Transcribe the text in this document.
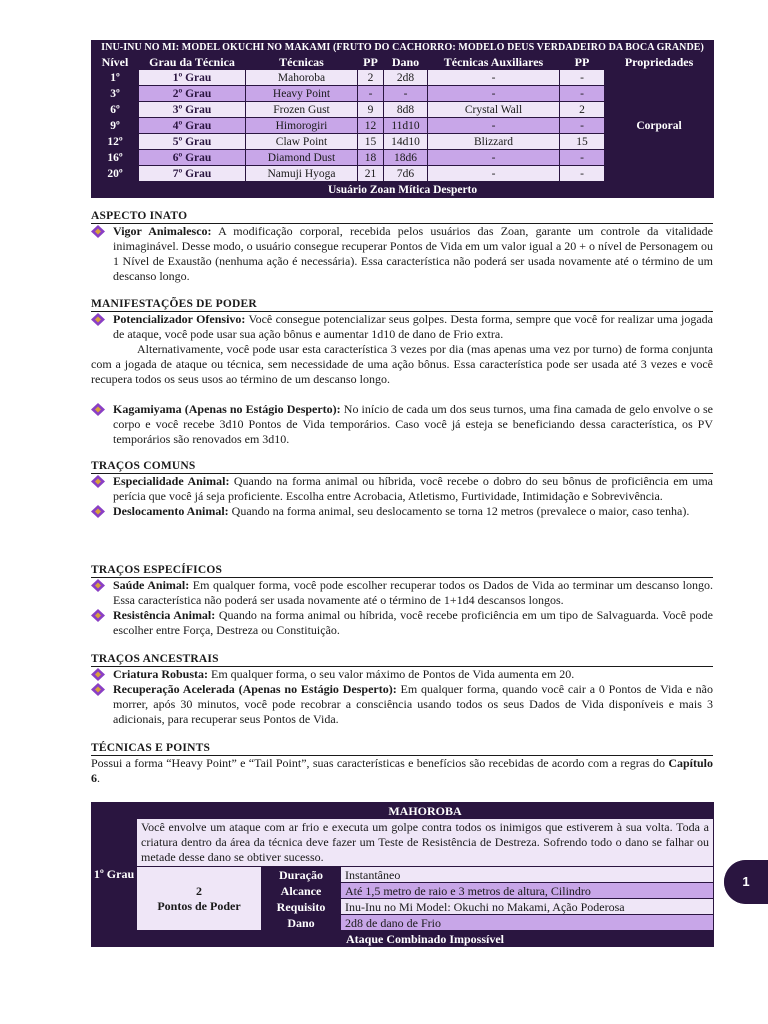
INU-INU NO MI: MODEL OKUCHI NO MAKAMI (FRUTO DO CACHORRO: MODELO DEUS VERDADEIRO DA BOCA GRANDE)							
Nível	Grau da Técnica	Técnicas	PP	Dano	Técnicas Auxiliares	PP	Propriedades
1º	1º Grau	Mahoroba	2	2d8	-	-	Corporal
3º	2º Grau	Heavy Point	-	-	-	-	
6º	3º Grau	Frozen Gust	9	8d8	Crystal Wall	2	
9º	4º Grau	Himorogiri	12	11d10	-	-	
12º	5º Grau	Claw Point	15	14d10	Blizzard	15	
16º	6º Grau	Diamond Dust	18	18d6	-	-	
20º	7º Grau	Namuji Hyoga	21	7d6	-	-	
Usuário Zoan Mítica Desperto							
ASPECTO INATO

Vigor Animalesco: A modificação corporal, recebida pelos usuários das Zoan, garante um controle da vitalidade inimaginável. Desse modo, o usuário consegue recuperar Pontos de Vida em um valor igual a 20 + o nível de Personagem ou 1 Nível de Exaustão (nenhuma ação é necessária). Essa característica não poderá ser usada novamente até o término de um descanso longo.

MANIFESTAÇÕES DE PODER
Potencializador Ofensivo: Você consegue potencializar seus golpes. Desta forma, sempre que você for realizar uma jogada de ataque, você pode usar sua ação bônus e aumentar 1d10 de dano de Frio extra.

Alternativamente, você pode usar esta característica 3 vezes por dia (mas apenas uma vez por turno) de forma conjunta com a jogada de ataque ou técnica, sem necessidade de uma ação bônus. Essa característica pode ser usada até 3 vezes e você recupera todos os seus usos ao término de um descanso longo.

Kagamiyama (Apenas no Estágio Desperto): No início de cada um dos seus turnos, uma fina camada de gelo envolve o se corpo e você recebe 3d10 Pontos de Vida temporários. Caso você já esteja se beneficiando dessa característica, os PV temporários são renovados em 3d10.
TRAÇOS COMUNS
Especialidade Animal: Quando na forma animal ou híbrida, você recebe o dobro do seu bônus de proficiência em uma perícia que você já seja proficiente. Escolha entre Acrobacia, Atletismo, Furtividade, Intimidação e Sobrevivência.
Deslocamento Animal: Quando na forma animal, seu deslocamento se torna 12 metros (prevalece o maior, caso tenha).
TRAÇOS ESPECÍFICOS
Saúde Animal: Em qualquer forma, você pode escolher recuperar todos os Dados de Vida ao terminar um descanso longo. Essa característica não poderá ser usada novamente até o término de 1+1d4 descansos longos.
Resistência Animal: Quando na forma animal ou híbrida, você recebe proficiência em um tipo de Salvaguarda. Você pode escolher entre Força, Destreza ou Constituição.
TRAÇOS ANCESTRAIS
Criatura Robusta: Em qualquer forma, o seu valor máximo de Pontos de Vida aumenta em 20.
Recuperação Acelerada (Apenas no Estágio Desperto): Em qualquer forma, quando você cair a 0 Pontos de Vida e não morrer, após 30 minutos, você pode recobrar a consciência usando todos os seus Dados de Vida disponíveis e mais 3 adicionais, para recuperar seus Pontos de Vida.
TÉCNICAS E POINTS

Possui a forma “Heavy Point” e “Tail Point”, suas características e benefícios são recebidas de acordo com a regras do Capítulo 6.

1º Grau	MAHOROBA		
	Você envolve um ataque com ar frio e executa um golpe contra todos os inimigos que estiverem à sua volta. Toda a criatura dentro da área da técnica deve fazer um Teste de Resistência de Destreza. Sofrendo todo o dano se falhar ou metade desse dano se obtiver sucesso.		

	2
Pontos de Poder	Duração	Instantâneo
		Alcance	Até 1,5 metro de raio e 3 metros de altura, Cilindro
		Requisito	Inu-Inu no Mi Model: Okuchi no Makami, Ação Poderosa
		Dano	2d8 de dano de Frio
	Ataque Combinado Impossível		
1
